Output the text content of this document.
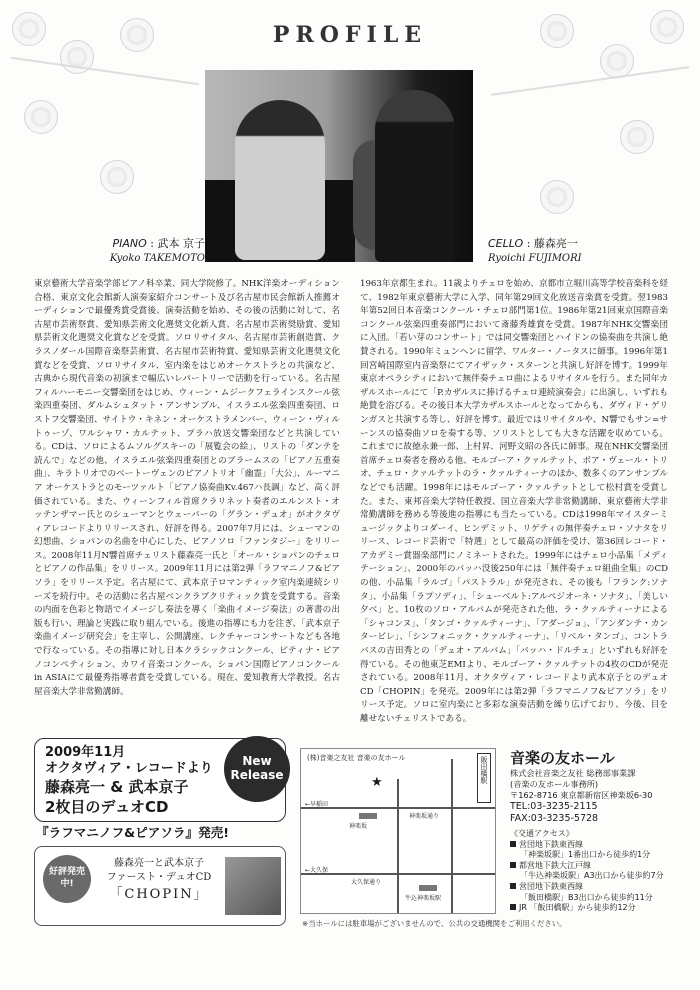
PROFILE
PIANO : 武本 京子
Kyoko TAKEMOTO
CELLO : 藤森亮一
Ryoichi FUJIMORI

東京藝術大学音楽学部ピアノ科卒業、同大学院修了。NHK洋楽オーディション合格、東京文化会館新人演奏家紹介コンサート及び名古屋市民会館新人推薦オーディションで最優秀賞受賞後、演奏活動を始め、その後の活動に対して、名古屋市芸術祭賞、愛知県芸術文化選奨文化新人賞、名古屋市芸術奨励賞、愛知県芸術文化選奨文化賞などを受賞。ソロリサイタル、名古屋市芸術創造賞、クラスノダール国際音楽祭芸術賞、名古屋市芸術特賞、愛知県芸術文化選奨文化賞などを受賞、ソロリサイタル、室内楽をはじめオーケストラとの共演など、古典から現代音楽の初演まで幅広いレパートリーで活動を行っている。名古屋フィルハーモニー交響楽団をはじめ、ウィーン・ムジークフェラインスクール弦楽四重奏団、ダルムシュタット・アンサンブル、イスラエル弦楽四重奏団、ロストフ交響楽団、サイトウ・キネン・オーケストラメンバー、ウィーン・ヴィルトゥーゾ、ワルシャワ・カルテット、プラハ放送交響楽団などと共演している。CDは、ソロによるムソルグスキーの「展覧会の絵」、リストの「ダンテを読んで」などの他、イスラエル弦楽四重奏団とのブラームスの「ピアノ五重奏曲」、キラトリオでのベートーヴェンのピアノトリオ「幽霊」「大公」、ルーマニア オーケストラとのモーツァルト「ピアノ協奏曲Kv.467ハ長調」など、高く評価されている。また、ウィーンフィル首席クラリネット奏者のエルンスト・オッテンザマー氏とのシューマンとウェーバーの「グラン・デュオ」がオクタヴィアレコードよりリリースされ、好評を得る。2007年7月には、シューマンの幻想曲、ショパンの名曲を中心にした、ピアノソロ「ファンタジー」をリリース。2008年11月N響首席チェリスト藤森亮一氏と「オール・ショパンのチェロとピアノの作品集」をリリース。2009年11月には第2弾「ラフマニノフ&ピアソラ」をリリース予定。名古屋にて、武本京子ロマンティック室内楽連続シリーズを続行中。その活動に名古屋ペンクラブクリティック賞を受賞する。音楽の内面を色彩と物語でイメージし奏法を導く「楽曲イメージ奏法」の著書の出版も行い、理論と実践に取り組んでいる。後進の指導にも力を注ぎ、「武本京子楽曲イメージ研究会」を主宰し、公開講座、レクチャーコンサートなども各地で行なっている。その指導に対し日本クラシックコンクール、ピティナ・ピアノコンペティション、カワイ音楽コンクール、ショパン国際ピアノコンクール in ASIAにて最優秀指導者賞を受賞している。現在、愛知教育大学教授。名古屋音楽大学非常勤講師。

1963年京都生まれ。11歳よりチェロを始め、京都市立堀川高等学校音楽科を経て、1982年東京藝術大学に入学、同年第29回文化放送音楽賞を受賞。翌1983年第52回日本音楽コンクール・チェロ部門第1位。1986年第21回東京国際音楽コンクール弦楽四重奏部門において斎藤秀雄賞を受賞。1987年NHK交響楽団に入団。「若い芽のコンサート」では同交響楽団とハイドンの協奏曲を共演し絶賛される。1990年ミュンヘンに留学、ワルター・ノータスに師事。1996年第1回宮崎国際室内音楽祭にてアイザック・スターンと共演し好評を博す。1999年東京オペラシティにおいて無伴奏チェロ曲によるリサイタルを行う。また同年カザルスホールにて「P.カザルスに捧げるチェロ連続演奏会」に出演し、いずれも絶賛を浴びる。その後日本大学カザルスホールとなってからも、ダヴィド・ゲリンガスと共演する等し、好評を博す。最近ではリサイタルや、N響でもサン=サーンスの協奏曲ソロを奏する等、ソリストとしても大きな活躍を収めている。これまでに故徳永兼一郎、上村昇、河野文昭の各氏に師事。現在NHK交響楽団首席チェロ奏者を務める他、モルゴーア・クァルテット、ボア・ヴェール・トリオ、チェロ・クァルテットのラ・クァルティーナのほか、数多くのアンサンブルなどでも活躍。1998年にはモルゴーア・クァルテットとして松村賞を受賞した。また、東邦音楽大学特任教授、国立音楽大学非常勤講師、東京藝術大学非常勤講師を務める等後進の指導にも当たっている。CDは1998年マイスターミュージックよりコダーイ、ヒンデミット、リゲティの無伴奏チェロ・ソナタをリリース、レコード芸術で「特選」として最高の評価を受け、第36回レコード・アカデミー賞器楽部門にノミネートされた。1999年にはチェロ小品集「メディテーション」、2000年のバッハ没後250年には「無伴奏チェロ組曲全集」のCDの他、小品集「ラルゴ」「パストラル」が発売され、その後も「フランク:ソナタ」、小品集「ラプソディ」、「シューベルト:アルペジオーネ・ソナタ」、「美しい夕べ」と、10枚のソロ・アルバムが発売された他、ラ・クァルティーナによる「シャコンヌ」、「タンゴ・クァルティーナ」、「アダージョ」、「アンダンテ・カンタービレ」、「シンフォニック・クァルティーナ」、「リベル・タンゴ」、コントラバスの吉田秀との「デュオ・アルバム」「バッハ・ドルチェ」といずれも好評を得ている。その他東芝EMIより、モルゴーア・クァルテットの4枚のCDが発売されている。2008年11月、オクタヴィア・レコードより武本京子とのデュオCD「CHOPIN」を発売。2009年には第2弾「ラフマニノフ&ピアソラ」をリリース予定。ソロに室内楽にと多彩な演奏活動を繰り広げており、今後、目を離せないチェリストである。

2009年11月
オクタヴィア・レコードより
藤森亮一 & 武本京子
2枚目のデュオCD
『ラフマニノフ&ピアソラ』発売!
New Release
好評発売中!
藤森亮一と武本京子
ファースト・デュオCD
「CHOPIN」
(株)音楽之友社 音楽の友ホール
★
←早稲田
←大久保
神楽坂通り
大久保通り
神楽坂
牛込神楽坂駅
飯田橋駅 音楽の友ホール
株式会社音楽之友社 総務部事業課
(音楽の友ホール事務所)
〒162-8716 東京都新宿区神楽坂6-30
TEL:03-3235-2115
FAX:03-3235-5728
《交通アクセス》
営団地下鉄東西線
「神楽坂駅」1番出口から徒歩約1分
都営地下鉄大江戸線
「牛込神楽坂駅」A3出口から徒歩約7分
営団地下鉄東西線
「飯田橋駅」B3出口から徒歩約11分
JR 「飯田橋駅」から徒歩約12分
※当ホールには駐車場がございませんので、公共の交通機関をご利用ください。
